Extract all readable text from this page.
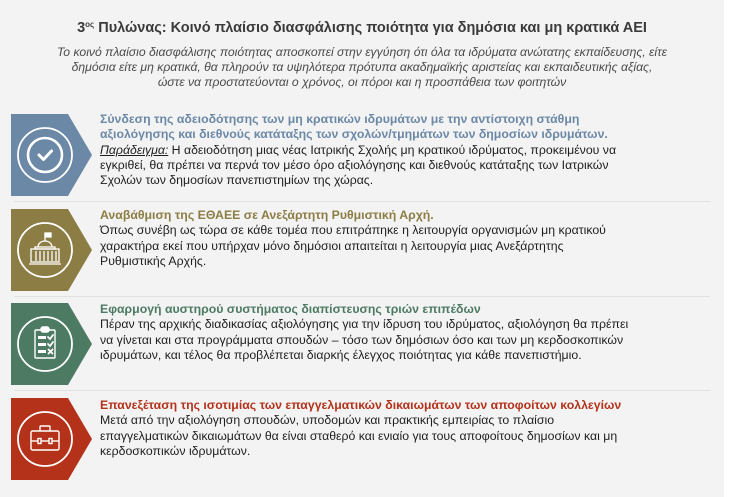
$3^{o\varsigma}$ Πυλώνας: Κοινό πλαίσιο διασφάλισης ποιότητα για δημόσια και μη κρατικά ΑΕΙ
Το κοινό πλαίσιο διασφάλισης ποιότητας αποσκοπεί στην εγγύηση ότι όλα τα ιδρύματα ανώτατης εκπαίδευσης, είτε
δημόσια είτε μη κρατικά, θα πληρούν τα υψηλότερα πρότυπα ακαδημαϊκής αριστείας και εκπαιδευτικής αξίας,
ώστε να προστατεύονται ο χρόνος, οι πόροι και η προσπάθεια των φοιτητών
Σύνδεση της αδειοδότησης των μη κρατικών ιδρυμάτων με την αντίστοιχη στάθμη
αξιολόγησης και διεθνούς κατάταξης των σχολών/τμημάτων των δημοσίων ιδρυμάτων.
Παράδειγμα: Η αδειοδότηση μιας νέας Ιατρικής Σχολής μη κρατικού ιδρύματος, προκειμένου να
εγκριθεί, θα πρέπει να περνά τον μέσο όρο αξιολόγησης και διεθνούς κατάταξης των Ιατρικών
Σχολών των δημοσίων πανεπιστημίων της χώρας.
Αναβάθμιση της ΕΘΑΕΕ σε Ανεξάρτητη Ρυθμιστική Αρχή.
Όπως συνέβη ως τώρα σε κάθε τομέα που επιτράπηκε η λειτουργία οργανισμών μη κρατικού
χαρακτήρα εκεί που υπήρχαν μόνο δημόσιοι απαιτείται η λειτουργία μιας Ανεξάρτητης
Ρυθμιστικής Αρχής.
Εφαρμογή αυστηρού συστήματος διαπίστευσης τριών επιπέδων
Πέραν της αρχικής διαδικασίας αξιολόγησης για την ίδρυση του ιδρύματος, αξιολόγηση θα πρέπει
να γίνεται και στα προγράμματα σπουδών – τόσο των δημόσιων όσο και των μη κερδοσκοπικών
ιδρυμάτων, και τέλος θα προβλέπεται διαρκής έλεγχος ποιότητας για κάθε πανεπιστήμιο.
Επανεξέταση της ισοτιμίας των επαγγελματικών δικαιωμάτων των αποφοίτων κολλεγίων
Μετά από την αξιολόγηση σπουδών, υποδομών και πρακτικής εμπειρίας το πλαίσιο
επαγγελματικών δικαιωμάτων θα είναι σταθερό και ενιαίο για τους αποφοίτους δημοσίων και μη
κερδοσκοπικών ιδρυμάτων.
